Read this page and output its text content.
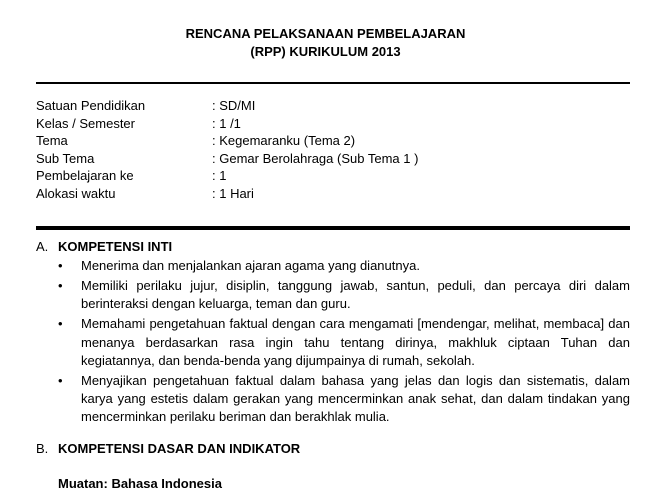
RENCANA PELAKSANAAN PEMBELAJARAN
(RPP) KURIKULUM 2013
Satuan Pendidikan	: SD/MI
Kelas / Semester	: 1 /1
Tema	: Kegemaranku (Tema 2)
Sub Tema	: Gemar Berolahraga (Sub Tema 1 )
Pembelajaran ke	: 1
Alokasi waktu	: 1 Hari
A. KOMPETENSI INTI
• Menerima dan menjalankan ajaran agama yang dianutnya.
• Memiliki perilaku jujur, disiplin, tanggung jawab, santun, peduli, dan percaya diri dalam berinteraksi dengan keluarga, teman dan guru.
• Memahami pengetahuan faktual dengan cara mengamati [mendengar, melihat, membaca] dan menanya berdasarkan rasa ingin tahu tentang dirinya, makhluk ciptaan Tuhan dan kegiatannya, dan benda-benda yang dijumpainya di rumah, sekolah.
• Menyajikan pengetahuan faktual dalam bahasa yang jelas dan logis dan sistematis, dalam karya yang estetis dalam gerakan yang mencerminkan anak sehat, dan dalam tindakan yang mencerminkan perilaku beriman dan berakhlak mulia.
B. KOMPETENSI DASAR DAN INDIKATOR
Muatan: Bahasa Indonesia
